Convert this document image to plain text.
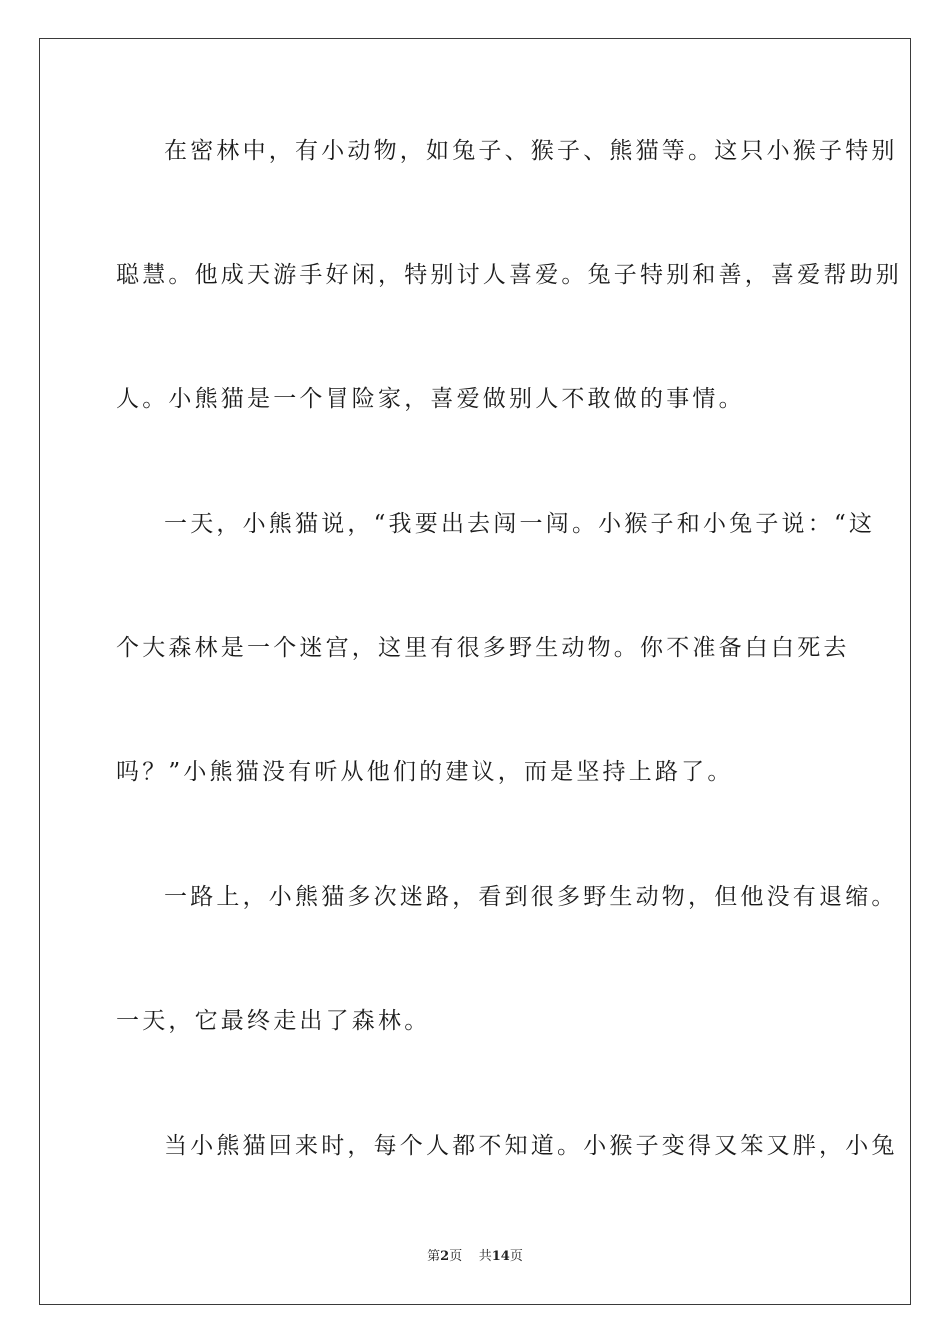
在密林中，有小动物，如兔子、猴子、熊猫等。这只小猴子特别
聪慧。他成天游手好闲，特别讨人喜爱。兔子特别和善，喜爱帮助别
人。小熊猫是一个冒险家，喜爱做别人不敢做的事情。
一天，小熊猫说，“我要出去闯一闯。小猴子和小兔子说：“这
个大森林是一个迷宫，这里有很多野生动物。你不准备白白死去
吗？”小熊猫没有听从他们的建议，而是坚持上路了。
一路上，小熊猫多次迷路，看到很多野生动物，但他没有退缩。
一天，它最终走出了森林。
当小熊猫回来时，每个人都不知道。小猴子变得又笨又胖，小兔
第2页 共14页
